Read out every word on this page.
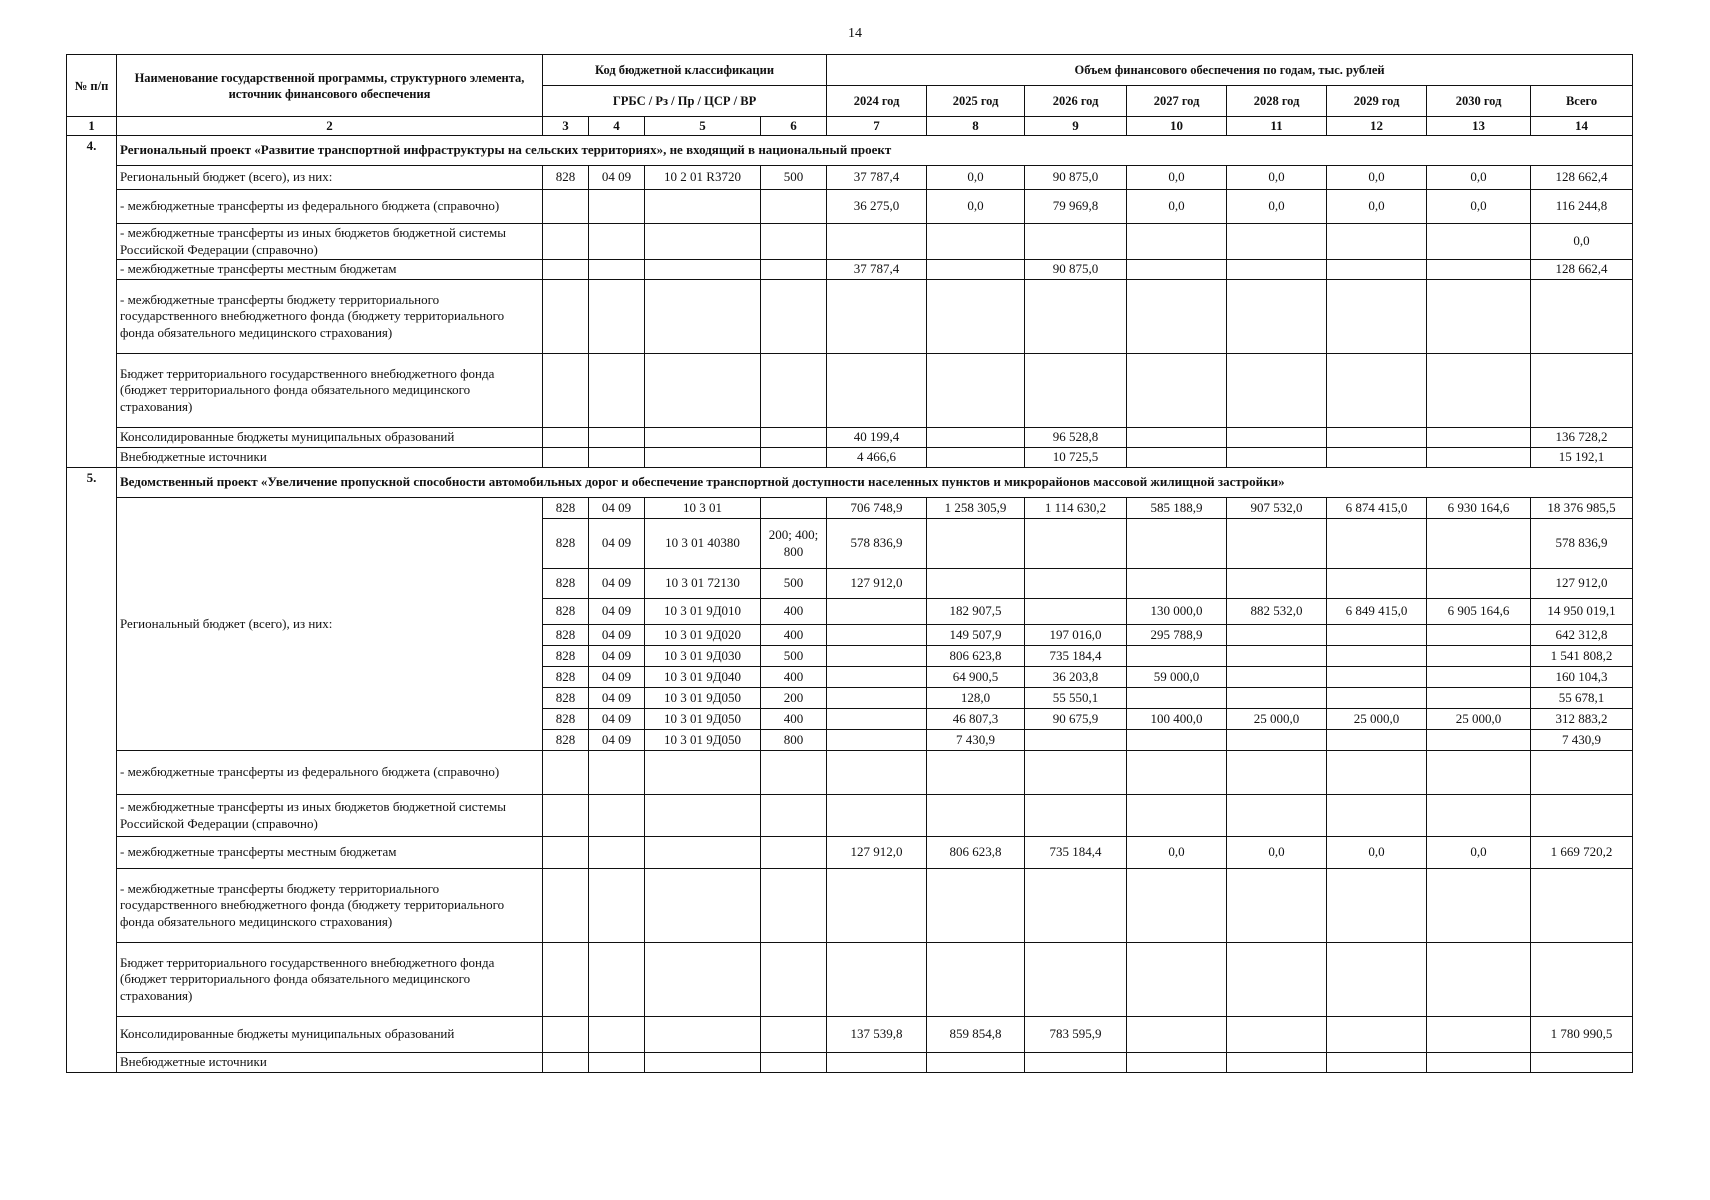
14
№ п/п	Наименование государственной программы, структурного элемента, источник финансового обеспечения	Код бюджетной классификации				Объем финансового обеспечения по годам, тыс. рублей							
		ГРБС / Рз / Пр / ЦСР / ВР				2024 год	2025 год	2026 год	2027 год	2028 год	2029 год	2030 год	Всего
1	2	3	4	5	6	7	8	9	10	11	12	13	14
4.	Региональный проект «Развитие транспортной инфраструктуры на сельских территориях», не входящий в национальный проект												
	Региональный бюджет (всего), из них:	828	04 09	10 2 01 R3720	500	37 787,4	0,0	90 875,0	0,0	0,0	0,0	0,0	128 662,4
	- межбюджетные трансферты из федерального бюджета (справочно)					36 275,0	0,0	79 969,8	0,0	0,0	0,0	0,0	116 244,8
	- межбюджетные трансферты из иных бюджетов бюджетной системы Российской Федерации (справочно)												0,0
	- межбюджетные трансферты местным бюджетам					37 787,4		90 875,0					128 662,4
	- межбюджетные трансферты бюджету территориального государственного внебюджетного фонда (бюджету территориального фонда обязательного медицинского страхования)												
	Бюджет территориального государственного внебюджетного фонда (бюджет территориального фонда обязательного медицинского страхования)												
	Консолидированные бюджеты муниципальных образований					40 199,4		96 528,8					136 728,2
	Внебюджетные источники					4 466,6		10 725,5					15 192,1
5.	Ведомственный проект «Увеличение пропускной способности автомобильных дорог и обеспечение транспортной доступности населенных пунктов и микрорайонов массовой жилищной застройки»												
	Региональный бюджет (всего), из них:	828	04 09	10 3 01		706 748,9	1 258 305,9	1 114 630,2	585 188,9	907 532,0	6 874 415,0	6 930 164,6	18 376 985,5
		828	04 09	10 3 01 40380	200; 400; 800	578 836,9							578 836,9
		828	04 09	10 3 01 72130	500	127 912,0							127 912,0
		828	04 09	10 3 01 9Д010	400		182 907,5		130 000,0	882 532,0	6 849 415,0	6 905 164,6	14 950 019,1
		828	04 09	10 3 01 9Д020	400		149 507,9	197 016,0	295 788,9				642 312,8
		828	04 09	10 3 01 9Д030	500		806 623,8	735 184,4					1 541 808,2
		828	04 09	10 3 01 9Д040	400		64 900,5	36 203,8	59 000,0				160 104,3
		828	04 09	10 3 01 9Д050	200		128,0	55 550,1					55 678,1
		828	04 09	10 3 01 9Д050	400		46 807,3	90 675,9	100 400,0	25 000,0	25 000,0	25 000,0	312 883,2
		828	04 09	10 3 01 9Д050	800		7 430,9						7 430,9
	- межбюджетные трансферты из федерального бюджета (справочно)												
	- межбюджетные трансферты из иных бюджетов бюджетной системы Российской Федерации (справочно)												
	- межбюджетные трансферты местным бюджетам					127 912,0	806 623,8	735 184,4	0,0	0,0	0,0	0,0	1 669 720,2
	- межбюджетные трансферты бюджету территориального государственного внебюджетного фонда (бюджету территориального фонда обязательного медицинского страхования)												
	Бюджет территориального государственного внебюджетного фонда (бюджет территориального фонда обязательного медицинского страхования)												
	Консолидированные бюджеты муниципальных образований					137 539,8	859 854,8	783 595,9					1 780 990,5
	Внебюджетные источники												
